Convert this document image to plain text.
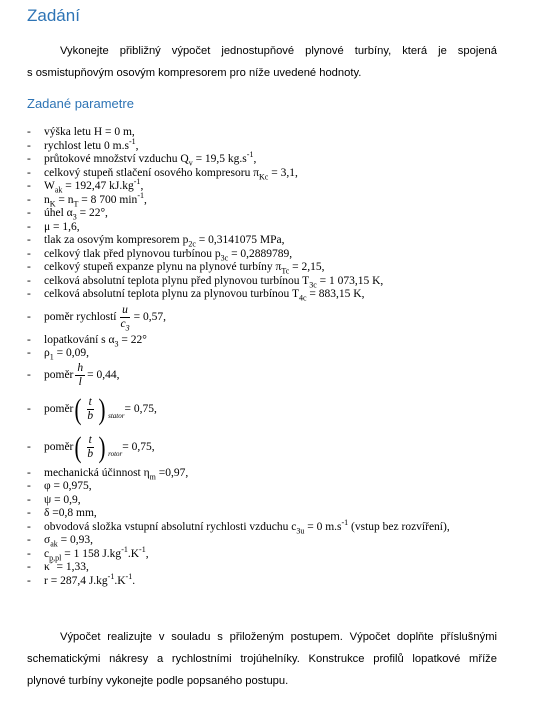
Zadání
Vykonejte přibližný výpočet jednostupňové plynové turbíny, která je spojená
s osmistupňovým osovým kompresorem pro níže uvedené hodnoty.
Zadané parametre
- výška letu H = 0 m,
- rychlost letu 0 $m.s^{-1}$,
- průtokové množství vzduchu $Q_v = 19,5$ $kg.s^{-1}$,
- celkový stupeň stlačení osového kompresoru $\pi_{Kc} = 3,1$,
- $W_{ak} = 192,47$ $kJ.kg^{-1}$,
- $n_K = n_T = 8$ 700 $\min^{-1}$,
- úhel $\alpha_3 = 22^\circ$,
- μ = 1,6,
- tlak za osovým kompresorem $p_{2c} = 0,3141075$ MPa,
- celkový tlak před plynovou turbínou $p_{3c} = 0,2889789$,
- celkový stupeň expanze plynu na plynové turbíny $\pi_{Tc} = 2,15$,
- celková absolutní teplota plynu před plynovou turbínou $T_{3c} = 1$ 073,15 K,
- celková absolutní teplota plynu za plynovou turbínou $T_{4c} = 883,15$ K,
-	poměr rychlostí $\frac{u}{c_3} = 0,57$,
- lopatkování s $\alpha_3 = 22^\circ$
- $\rho_1 = 0,09$,
-	poměr $\frac{h}{l} = 0,44$,
-	poměr ( $\frac{t}{b}$ ) stator
= 0,75,
-	poměr ( $\frac{t}{b}$ ) rotor
= 0,75,
- mechanická účinnost $\eta_m =0,97$,
- φ = 0,975,
- ψ = 0,9,
- δ =0,8 mm,
- obvodová složka vstupní absolutní rychlosti vzduchu $c_{3u} = 0$ $m.s^{-1}$ (vstup bez rozvíření),
- $\sigma_{ak} = 0,93$,
- $c_{p,pl} = 1$ 158 $J.kg^{-1}.K^{-1}$,
- κ´ = 1,33,
- r = 287,4 $J.kg^{-1}.K^{-1}$.
Výpočet realizujte v souladu s přiloženým postupem. Výpočet doplňte příslušnými
schematickými nákresy a rychlostními trojúhelníky. Konstrukce profilů lopatkové mříže
plynové turbíny vykonejte podle popsaného postupu.
